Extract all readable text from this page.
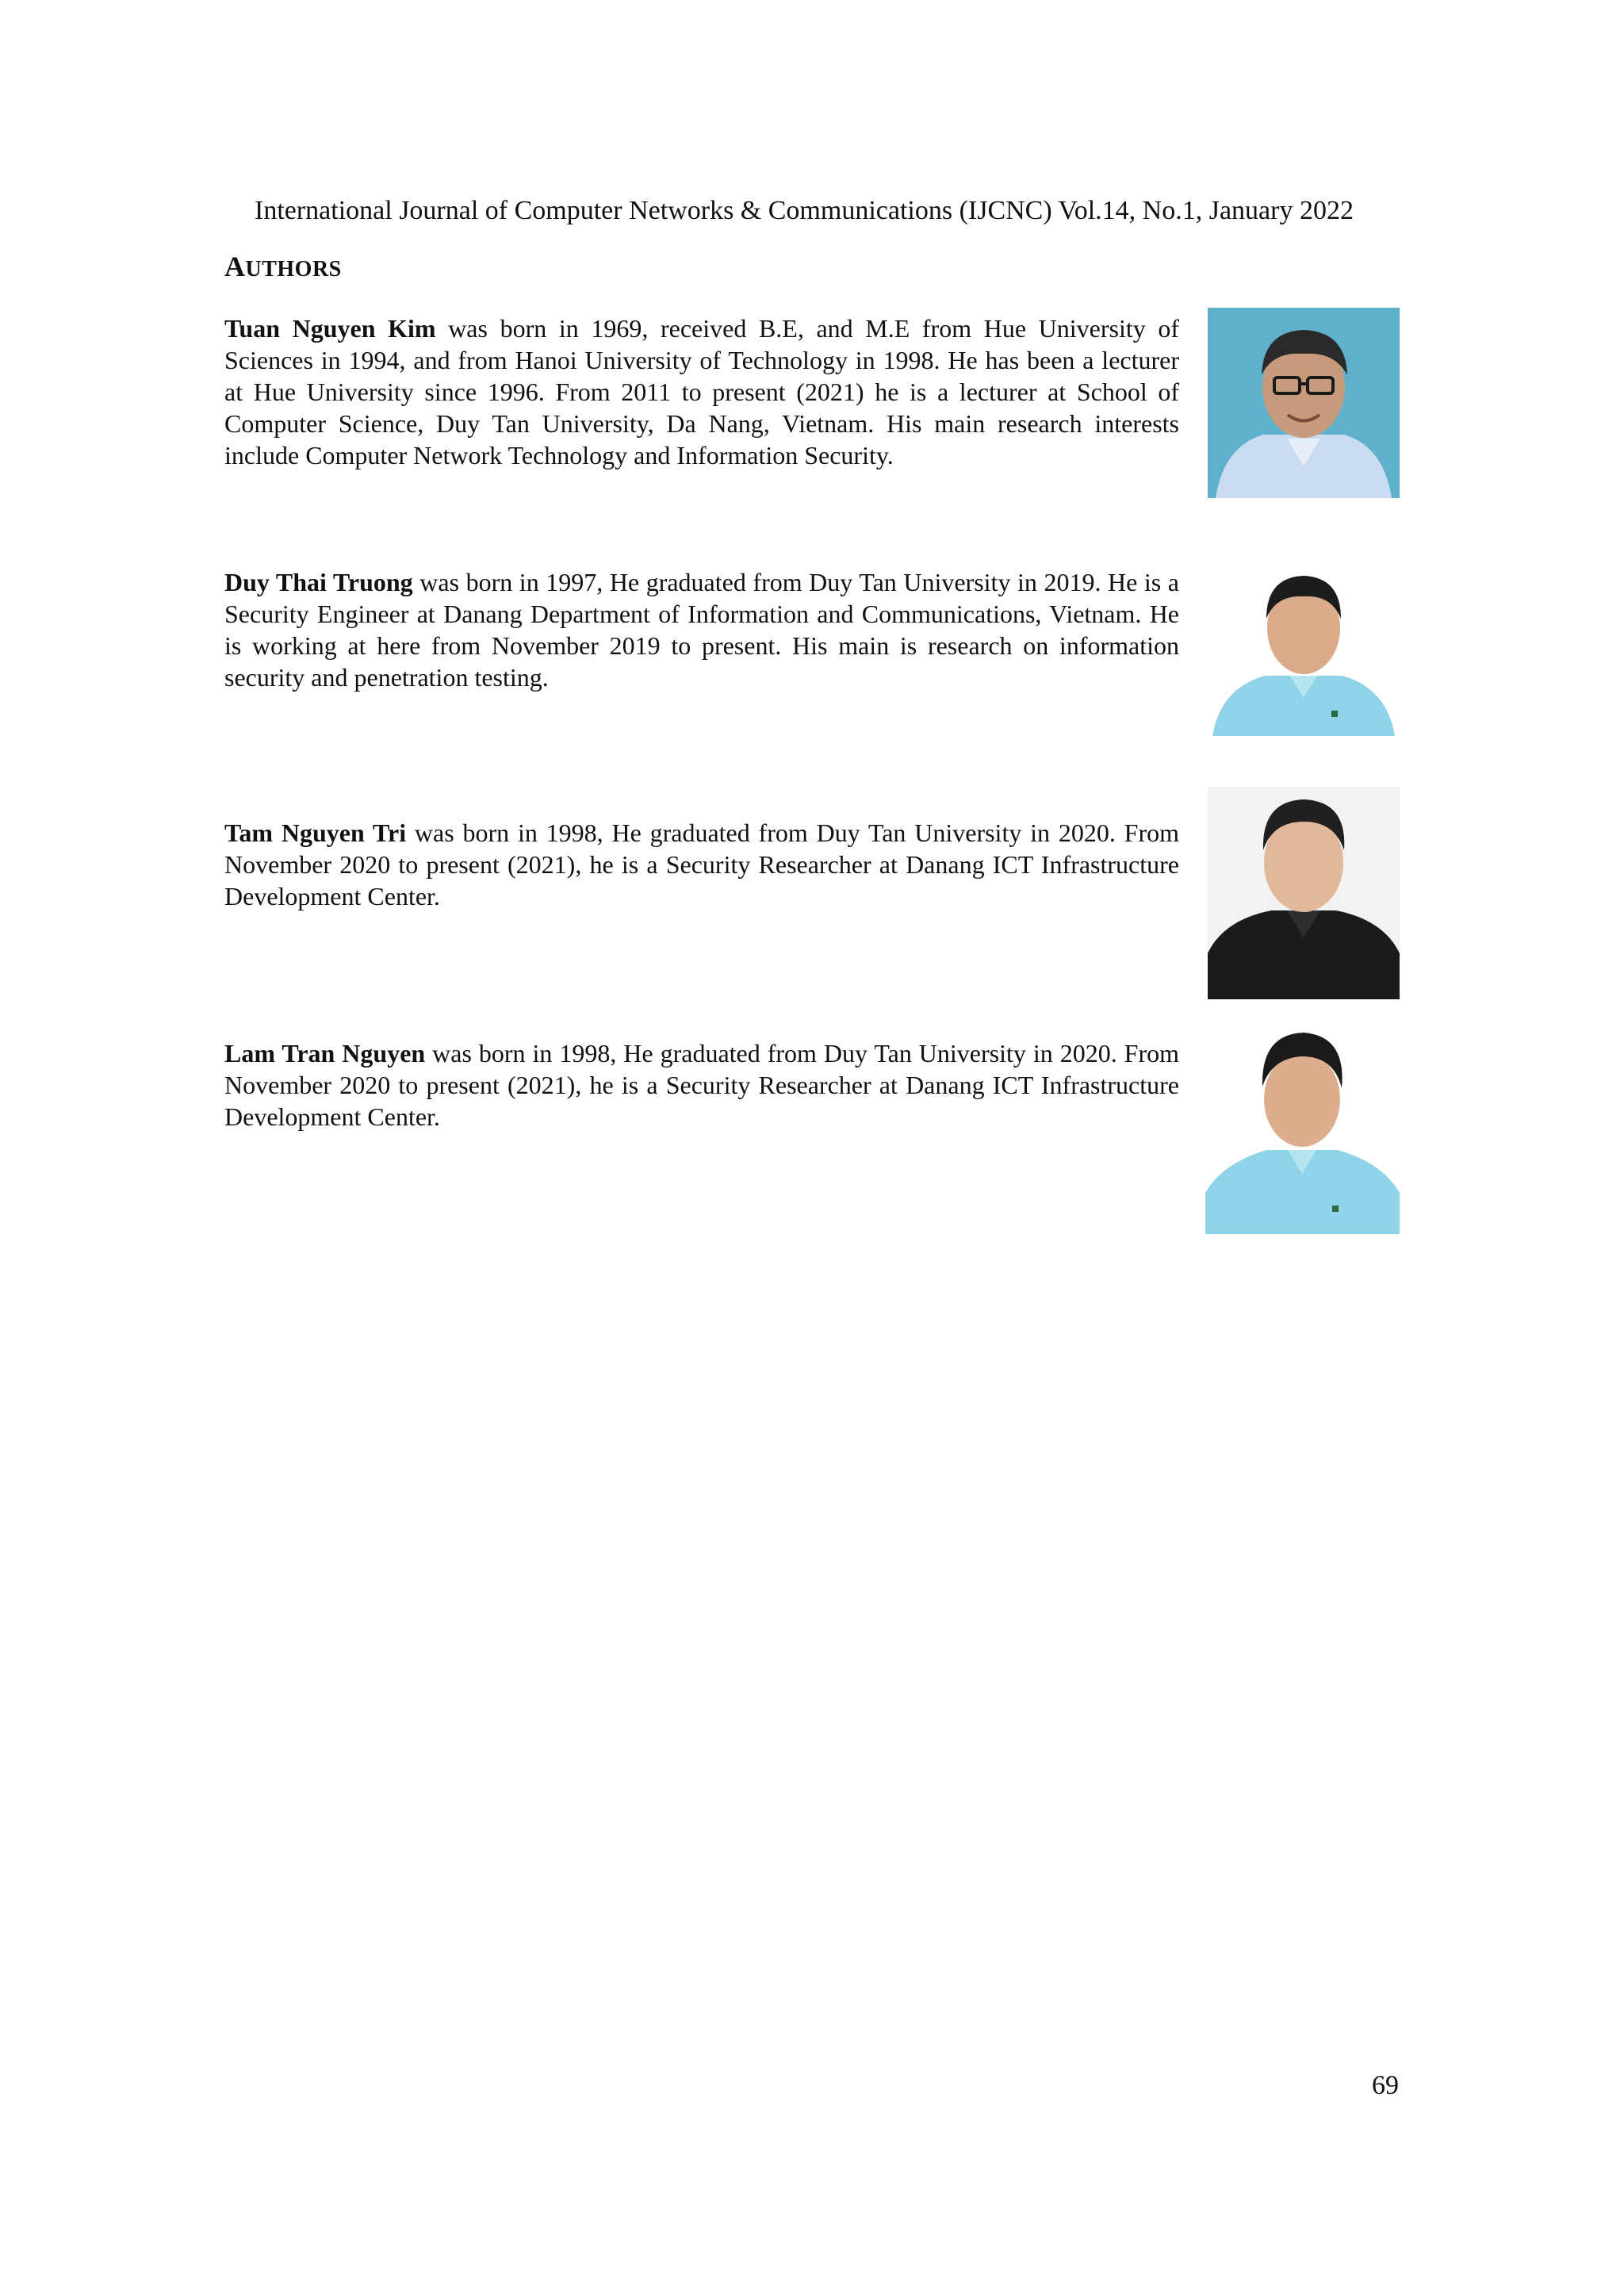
International Journal of Computer Networks & Communications (IJCNC) Vol.14, No.1, January 2022
AUTHORS
Tuan Nguyen Kim was born in 1969, received B.E, and M.E from Hue University of Sciences in 1994, and from Hanoi University of Technology in 1998. He has been a lecturer at Hue University since 1996. From 2011 to present (2021) he is a lecturer at School of Computer Science, Duy Tan University, Da Nang, Vietnam. His main research interests include Computer Network Technology and Information Security.
Duy Thai Truong was born in 1997, He graduated from Duy Tan University in 2019. He is a Security Engineer at Danang Department of Information and Communications, Vietnam. He is working at here from November 2019 to present. His main is research on information security and penetration testing.
Tam Nguyen Tri was born in 1998, He graduated from Duy Tan University in 2020. From November 2020 to present (2021), he is a Security Researcher at Danang ICT Infrastructure Development Center.
Lam Tran Nguyen was born in 1998, He graduated from Duy Tan University in 2020. From November 2020 to present (2021), he is a Security Researcher at Danang ICT Infrastructure Development Center.
69
